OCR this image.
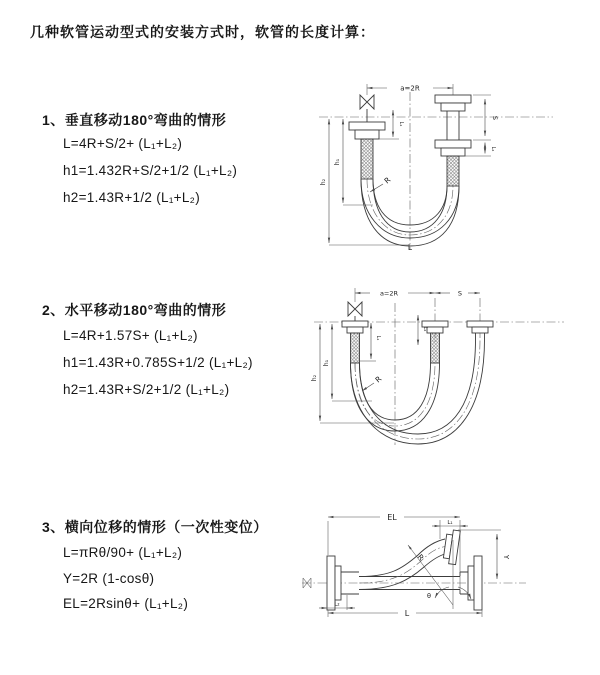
几种软管运动型式的安装方式时，软管的长度计算：
1、垂直移动180°弯曲的情形
L=4R+S/2+ (L₁+L₂)
h1=1.432R+S/2+1/2 (L₁+L₂)
h2=1.43R+1/2 (L₁+L₂)
a=2R
S
L₂
L₁
h₁
h₂	R
L
2、水平移动180°弯曲的情形
L=4R+1.57S+ (L₁+L₂)
h1=1.43R+0.785S+1/2 (L₁+L₂)
h2=1.43R+S/2+1/2 (L₁+L₂)
a=2R	S
L₁
L₂
h₁
h₂	R
3、横向位移的情形（一次性变位）
L=πRθ/90+ (L₁+L₂)
Y=2R (1-cosθ)
EL=2Rsinθ+ (L₁+L₂)	θ
R
EL
L₁
Y
L₂
L
